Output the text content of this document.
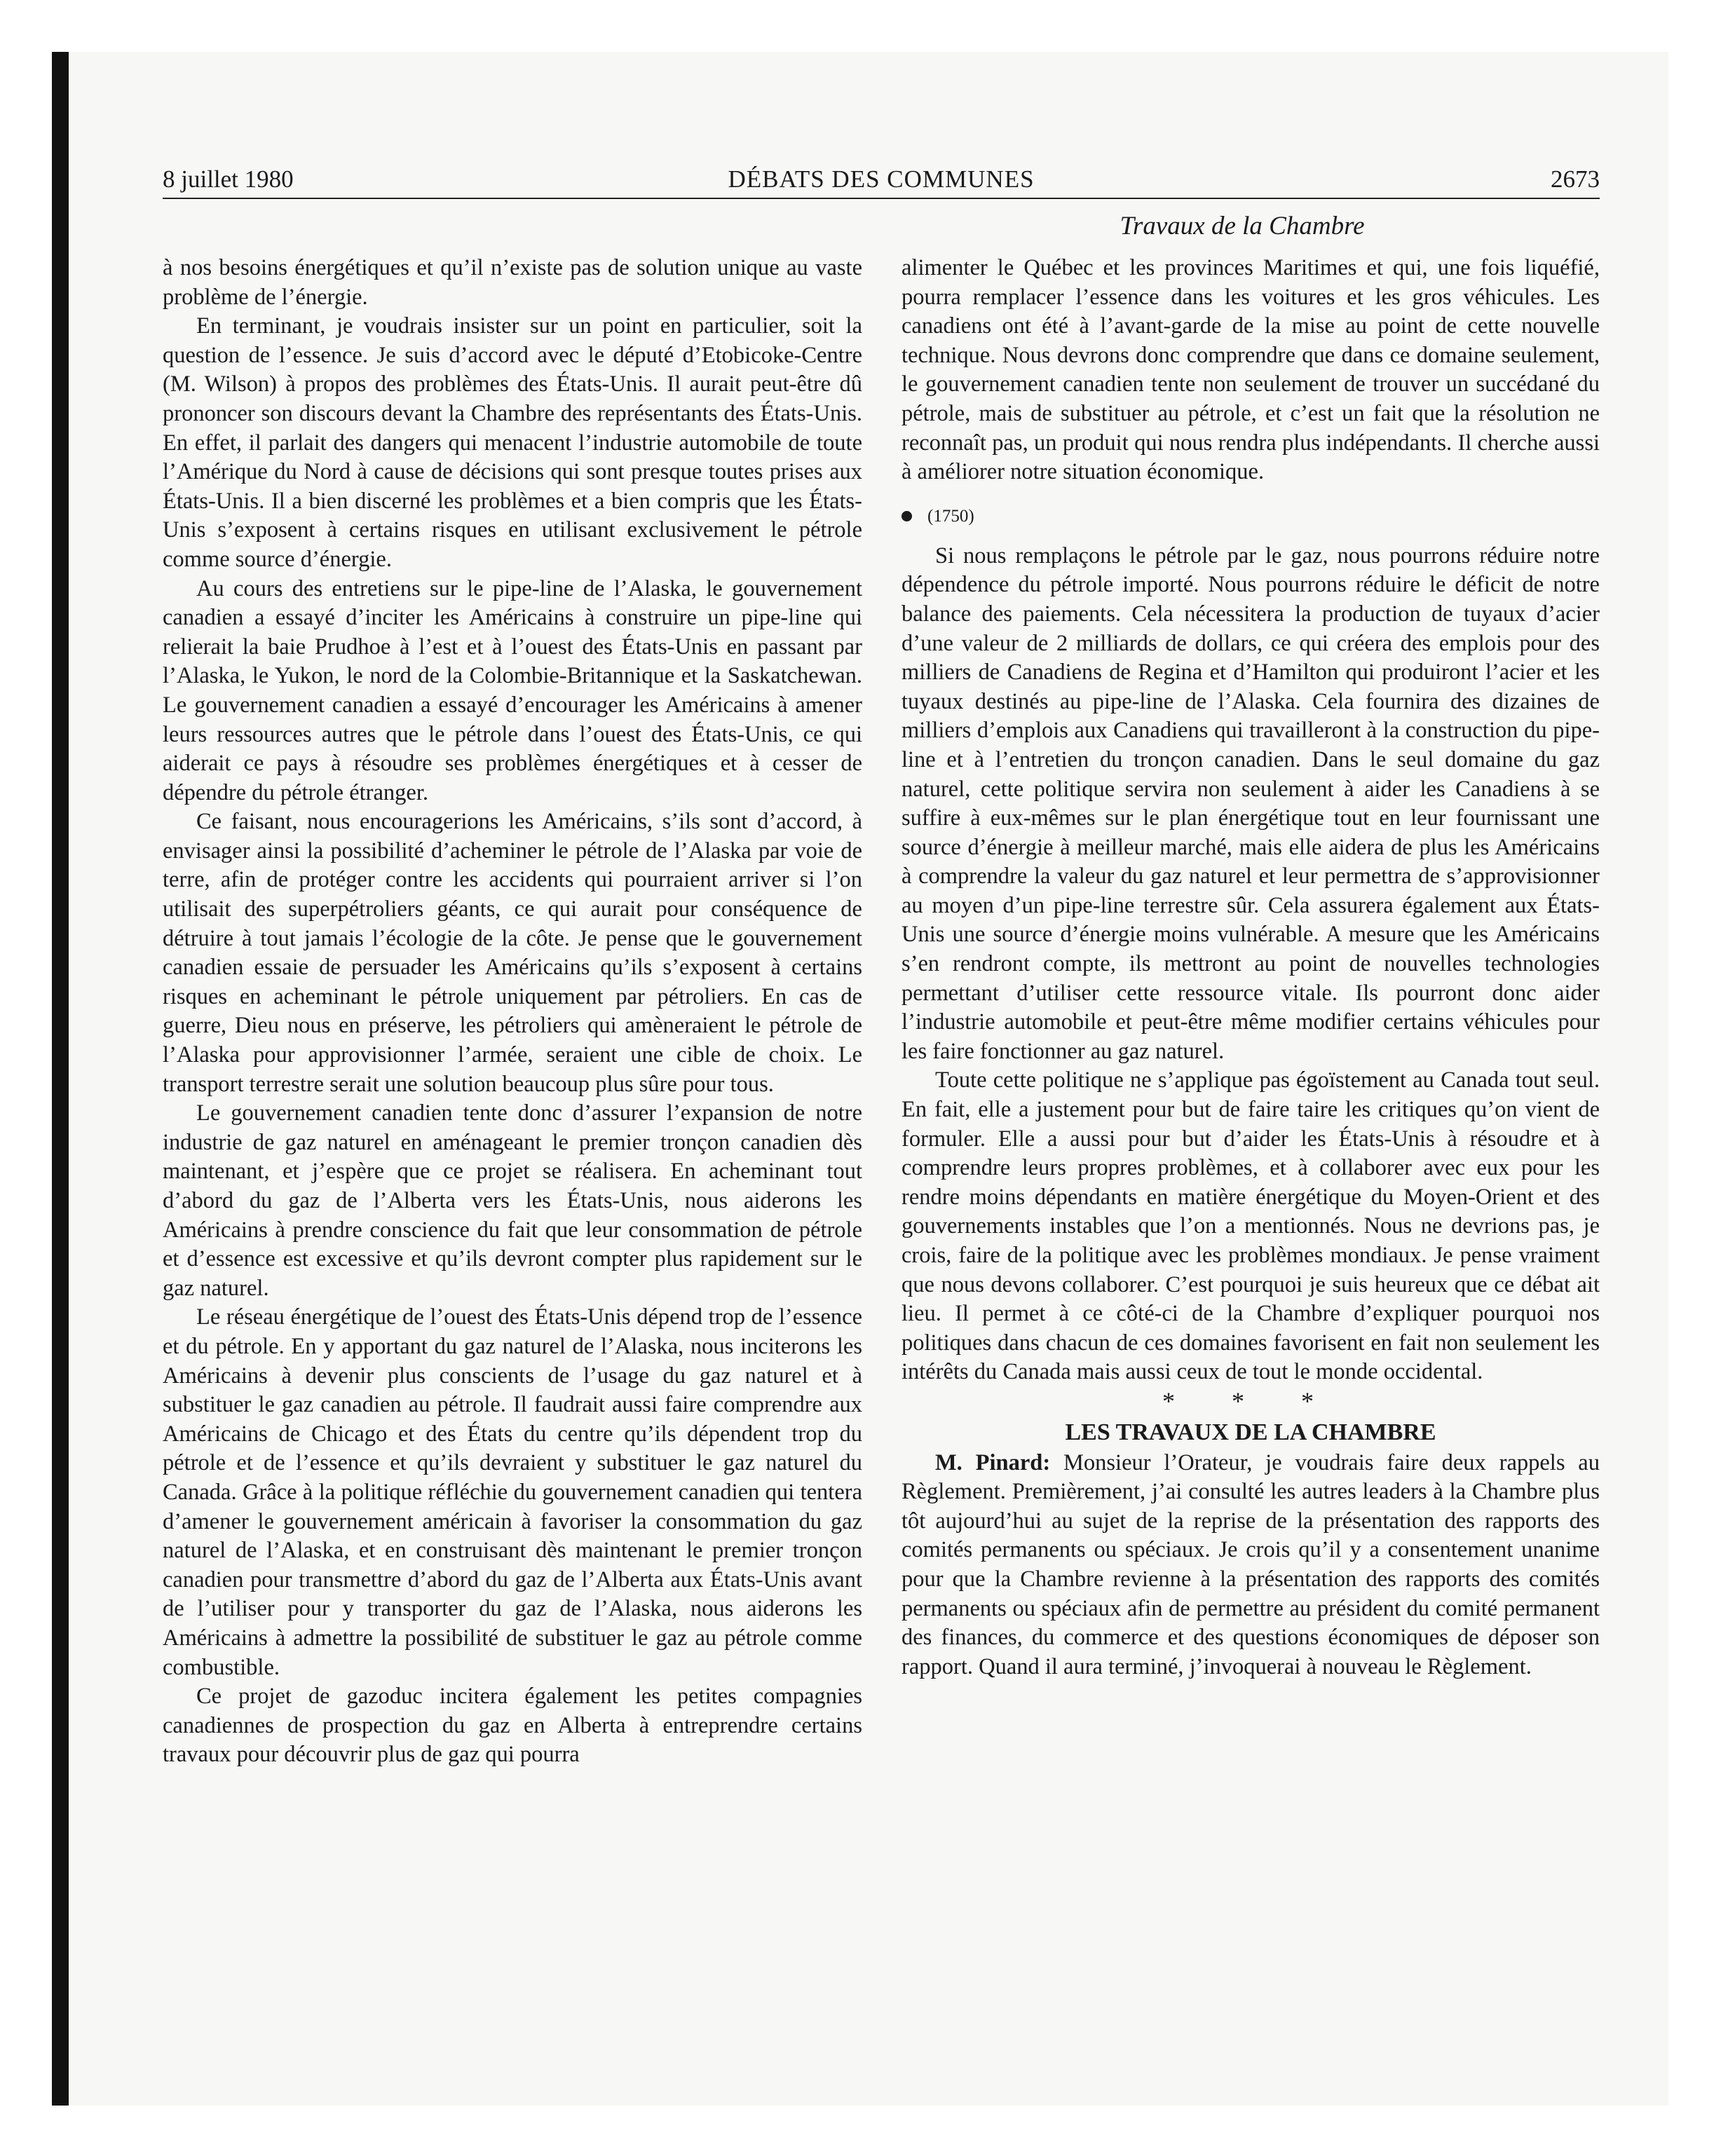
8 juillet 1980	DÉBATS DES COMMUNES	2673
Travaux de la Chambre

à nos besoins énergétiques et qu’il n’existe pas de solution unique au vaste problème de l’énergie.

En terminant, je voudrais insister sur un point en particulier, soit la question de l’essence. Je suis d’accord avec le député d’Etobicoke-Centre (M. Wilson) à propos des problèmes des États-Unis. Il aurait peut-être dû prononcer son discours devant la Chambre des représentants des États-Unis. En effet, il parlait des dangers qui menacent l’industrie automobile de toute l’Amérique du Nord à cause de décisions qui sont presque toutes prises aux États-Unis. Il a bien discerné les problèmes et a bien compris que les États-Unis s’exposent à certains risques en utilisant exclusivement le pétrole comme source d’énergie.

Au cours des entretiens sur le pipe-line de l’Alaska, le gouvernement canadien a essayé d’inciter les Américains à construire un pipe-line qui relierait la baie Prudhoe à l’est et à l’ouest des États-Unis en passant par l’Alaska, le Yukon, le nord de la Colombie-Britannique et la Saskatchewan. Le gouvernement canadien a essayé d’encourager les Américains à amener leurs ressources autres que le pétrole dans l’ouest des États-Unis, ce qui aiderait ce pays à résoudre ses problèmes énergétiques et à cesser de dépendre du pétrole étranger.

Ce faisant, nous encouragerions les Américains, s’ils sont d’accord, à envisager ainsi la possibilité d’acheminer le pétrole de l’Alaska par voie de terre, afin de protéger contre les accidents qui pourraient arriver si l’on utilisait des superpétroliers géants, ce qui aurait pour conséquence de détruire à tout jamais l’écologie de la côte. Je pense que le gouvernement canadien essaie de persuader les Américains qu’ils s’exposent à certains risques en acheminant le pétrole uniquement par pétroliers. En cas de guerre, Dieu nous en préserve, les pétroliers qui amèneraient le pétrole de l’Alaska pour approvisionner l’armée, seraient une cible de choix. Le transport terrestre serait une solution beaucoup plus sûre pour tous.

Le gouvernement canadien tente donc d’assurer l’expansion de notre industrie de gaz naturel en aménageant le premier tronçon canadien dès maintenant, et j’espère que ce projet se réalisera. En acheminant tout d’abord du gaz de l’Alberta vers les États-Unis, nous aiderons les Américains à prendre conscience du fait que leur consommation de pétrole et d’essence est excessive et qu’ils devront compter plus rapidement sur le gaz naturel.

Le réseau énergétique de l’ouest des États-Unis dépend trop de l’essence et du pétrole. En y apportant du gaz naturel de l’Alaska, nous inciterons les Américains à devenir plus conscients de l’usage du gaz naturel et à substituer le gaz canadien au pétrole. Il faudrait aussi faire comprendre aux Américains de Chicago et des États du centre qu’ils dépendent trop du pétrole et de l’essence et qu’ils devraient y substituer le gaz naturel du Canada. Grâce à la politique réfléchie du gouvernement canadien qui tentera d’amener le gouvernement américain à favoriser la consommation du gaz naturel de l’Alaska, et en construisant dès maintenant le premier tronçon canadien pour transmettre d’abord du gaz de l’Alberta aux États-Unis avant de l’utiliser pour y transporter du gaz de l’Alaska, nous aiderons les Américains à admettre la possibilité de substituer le gaz au pétrole comme combustible.

Ce projet de gazoduc incitera également les petites compagnies canadiennes de prospection du gaz en Alberta à entreprendre certains travaux pour découvrir plus de gaz qui pourra

alimenter le Québec et les provinces Maritimes et qui, une fois liquéfié, pourra remplacer l’essence dans les voitures et les gros véhicules. Les canadiens ont été à l’avant-garde de la mise au point de cette nouvelle technique. Nous devrons donc comprendre que dans ce domaine seulement, le gouvernement canadien tente non seulement de trouver un succédané du pétrole, mais de substituer au pétrole, et c’est un fait que la résolution ne reconnaît pas, un produit qui nous rendra plus indépendants. Il cherche aussi à améliorer notre situation économique.

(1750)

Si nous remplaçons le pétrole par le gaz, nous pourrons réduire notre dépendence du pétrole importé. Nous pourrons réduire le déficit de notre balance des paiements. Cela nécessitera la production de tuyaux d’acier d’une valeur de 2 milliards de dollars, ce qui créera des emplois pour des milliers de Canadiens de Regina et d’Hamilton qui produiront l’acier et les tuyaux destinés au pipe-line de l’Alaska. Cela fournira des dizaines de milliers d’emplois aux Canadiens qui travailleront à la construction du pipe-line et à l’entretien du tronçon canadien. Dans le seul domaine du gaz naturel, cette politique servira non seulement à aider les Canadiens à se suffire à eux-mêmes sur le plan énergétique tout en leur fournissant une source d’énergie à meilleur marché, mais elle aidera de plus les Américains à comprendre la valeur du gaz naturel et leur permettra de s’approvisionner au moyen d’un pipe-line terrestre sûr. Cela assurera également aux États-Unis une source d’énergie moins vulnérable. A mesure que les Américains s’en rendront compte, ils mettront au point de nouvelles technologies permettant d’utiliser cette ressource vitale. Ils pourront donc aider l’industrie automobile et peut-être même modifier certains véhicules pour les faire fonctionner au gaz naturel.

Toute cette politique ne s’applique pas égoïstement au Canada tout seul. En fait, elle a justement pour but de faire taire les critiques qu’on vient de formuler. Elle a aussi pour but d’aider les États-Unis à résoudre et à comprendre leurs propres problèmes, et à collaborer avec eux pour les rendre moins dépendants en matière énergétique du Moyen-Orient et des gouvernements instables que l’on a mentionnés. Nous ne devrions pas, je crois, faire de la politique avec les problèmes mondiaux. Je pense vraiment que nous devons collaborer. C’est pourquoi je suis heureux que ce débat ait lieu. Il permet à ce côté-ci de la Chambre d’expliquer pourquoi nos politiques dans chacun de ces domaines favorisent en fait non seulement les intérêts du Canada mais aussi ceux de tout le monde occidental.

* * *

LES TRAVAUX DE LA CHAMBRE

M. Pinard: Monsieur l’Orateur, je voudrais faire deux rappels au Règlement. Premièrement, j’ai consulté les autres leaders à la Chambre plus tôt aujourd’hui au sujet de la reprise de la présentation des rapports des comités permanents ou spéciaux. Je crois qu’il y a consentement unanime pour que la Chambre revienne à la présentation des rapports des comités permanents ou spéciaux afin de permettre au président du comité permanent des finances, du commerce et des questions économiques de déposer son rapport. Quand il aura terminé, j’invoquerai à nouveau le Règlement.
